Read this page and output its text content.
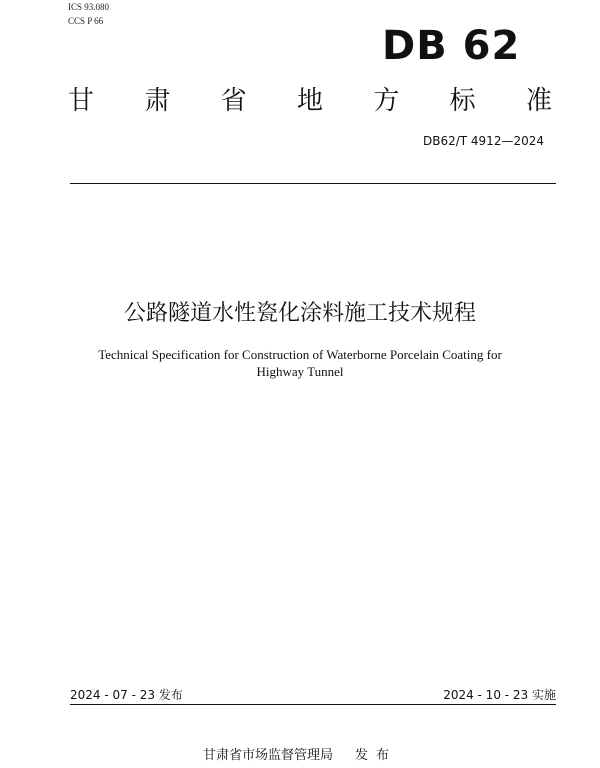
ICS 93.080
CCS P 66
DB 62
甘 肃 省 地 方 标 准
DB62/T 4912—2024
公路隧道水性瓷化涂料施工技术规程
Technical Specification for Construction of Waterborne Porcelain Coating for
Highway Tunnel
2024 - 07 - 23 发布	2024 - 10 - 23 实施
甘肃省市场监督管理局 发布
